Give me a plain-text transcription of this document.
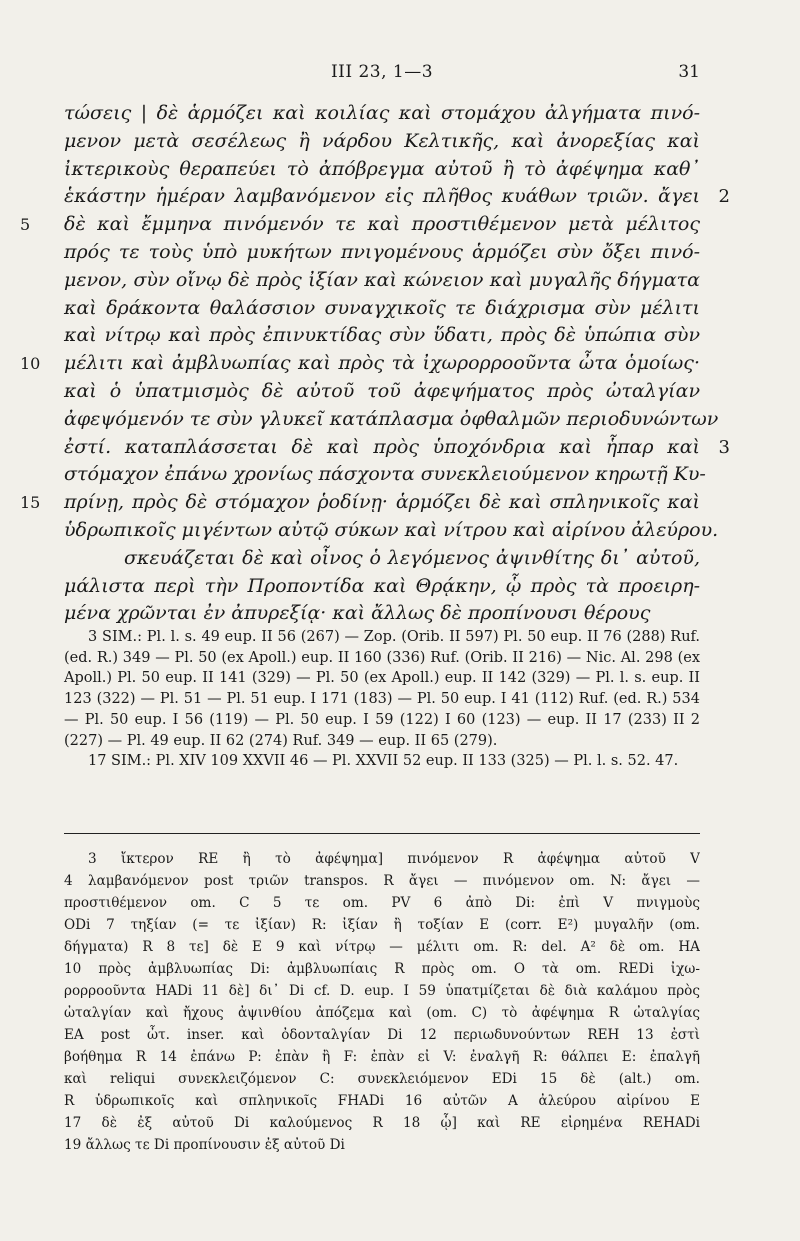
III 23, 1—3	31
τώσεις | δὲ ἁρμόζει καὶ κοιλίας καὶ στομάχου ἀλγήματα πινό-
μενον μετὰ σεσέλεως ἢ νάρδου Κελτικῆς, καὶ ἀνορεξίας καὶ
ἰκτερικοὺς θεραπεύει τὸ ἀπόβρεγμα αὐτοῦ ἢ τὸ ἀφέψημα καθ᾿
ἑκάστην ἡμέραν λαμβανόμενον εἰς πλῆθος κυάθων τριῶν. ἄγει 2
δὲ καὶ ἔμμηνα πινόμενόν τε καὶ προστιθέμενον μετὰ μέλιτος
5
πρός τε τοὺς ὑπὸ μυκήτων πνιγομένους ἁρμόζει σὺν ὄξει πινό-
μενον, σὺν οἴνῳ δὲ πρὸς ἰξίαν καὶ κώνειον καὶ μυγαλῆς δήγματα
καὶ δράκοντα θαλάσσιον συναγχικοῖς τε διάχρισμα σὺν μέλιτι
καὶ νίτρῳ καὶ πρὸς ἐπινυκτίδας σὺν ὕδατι, πρὸς δὲ ὑπώπια σὺν
μέλιτι καὶ ἀμβλυωπίας καὶ πρὸς τὰ ἰχωρορροοῦντα ὦτα ὁμοίως·
10
καὶ ὁ ὑπατμισμὸς δὲ αὐτοῦ τοῦ ἀφεψήματος πρὸς ὠταλγίαν
ἀφεψόμενόν τε σὺν γλυκεῖ κατάπλασμα ὀφθαλμῶν περιοδυνώντων
ἐστί. καταπλάσσεται δὲ καὶ πρὸς ὑποχόνδρια καὶ ἧπαρ καὶ 3
στόμαχον ἐπάνω χρονίως πάσχοντα συνεκλειούμενον κηρωτῇ Κυ-
πρίνῃ, πρὸς δὲ στόμαχον ῥοδίνῃ· ἁρμόζει δὲ καὶ σπληνικοῖς καὶ
15
ὑδρωπικοῖς μιγέντων αὐτῷ σύκων καὶ νίτρου καὶ αἰρίνου ἀλεύρου.
σκευάζεται δὲ καὶ οἶνος ὁ λεγόμενος ἀψινθίτης δι᾿ αὐτοῦ,
μάλιστα περὶ τὴν Προποντίδα καὶ Θρᾴκην, ᾧ πρὸς τὰ προειρη-
μένα χρῶνται ἐν ἀπυρεξίᾳ· καὶ ἄλλως δὲ προπίνουσι θέρους

3 SIM.: Pl. l. s. 49 eup. II 56 (267) — Zop. (Orib. II 597) Pl. 50 eup. II 76 (288) Ruf. (ed. R.) 349 — Pl. 50 (ex Apoll.) eup. II 160 (336) Ruf. (Orib. II 216) — Nic. Al. 298 (ex Apoll.) Pl. 50 eup. II 141 (329) — Pl. 50 (ex Apoll.) eup. II 142 (329) — Pl. l. s. eup. II 123 (322) — Pl. 51 — Pl. 51 eup. I 171 (183) — Pl. 50 eup. I 41 (112) Ruf. (ed. R.) 534 — Pl. 50 eup. I 56 (119) — Pl. 50 eup. I 59 (122) I 60 (123) — eup. II 17 (233) II 2 (227) — Pl. 49 eup. II 62 (274) Ruf. 349 — eup. II 65 (279).

17 SIM.: Pl. XIV 109 XXVII 46 — Pl. XXVII 52 eup. II 133 (325) — Pl. l. s. 52. 47.

3 ἴκτερον RE ἢ τὸ ἀφέψημα] πινόμενον R ἀφέψημα αὐτοῦ V
4 λαμβανόμενον post τριῶν transpos. R ἄγει — πινόμενον om. N: ἄγει —
προστιθέμενον om. C 5 τε om. PV 6 ἀπὸ Di: ἐπὶ V πνιγμοὺς
ODi 7 τηξίαν (= τε ἰξίαν) R: ἰξίαν ἢ τοξίαν E (corr. E²) μυγαλῆν (om.
δήγματα) R 8 τε] δὲ E 9 καὶ νίτρῳ — μέλιτι om. R: del. A² δὲ om. HA
10 πρὸς ἀμβλυωπίας Di: ἀμβλυωπίαις R πρὸς om. O τὰ om. REDi ἰχω-
ρορροοῦντα HADi 11 δὲ] δι᾿ Di cf. D. eup. I 59 ὑπατμίζεται δὲ διὰ καλάμου πρὸς
ὠταλγίαν καὶ ἤχους ἀψινθίου ἀπόζεμα καὶ (om. C) τὸ ἀφέψημα R ὠταλγίας
EA post ὦτ. inser. καὶ ὀδονταλγίαν Di 12 περιωδυνούντων REH 13 ἐστὶ
βοήθημα R 14 ἐπάνω P: ἐπὰν ἢ F: ἐπὰν εἰ V: ἐναλγῆ R: θάλπει E: ἐπαλγῆ
καὶ reliqui συνεκλειζόμενον C: συνεκλειόμενον EDi 15 δὲ (alt.) om.
R ὑδρωπικοῖς καὶ σπληνικοῖς FHADi 16 αὐτῶν A ἀλεύρου αἰρίνου E
17 δὲ ἐξ αὐτοῦ Di καλούμενος R 18 ᾧ] καὶ RE εἰρημένα REHADi
19 ἄλλως τε Di προπίνουσιν ἐξ αὐτοῦ Di
